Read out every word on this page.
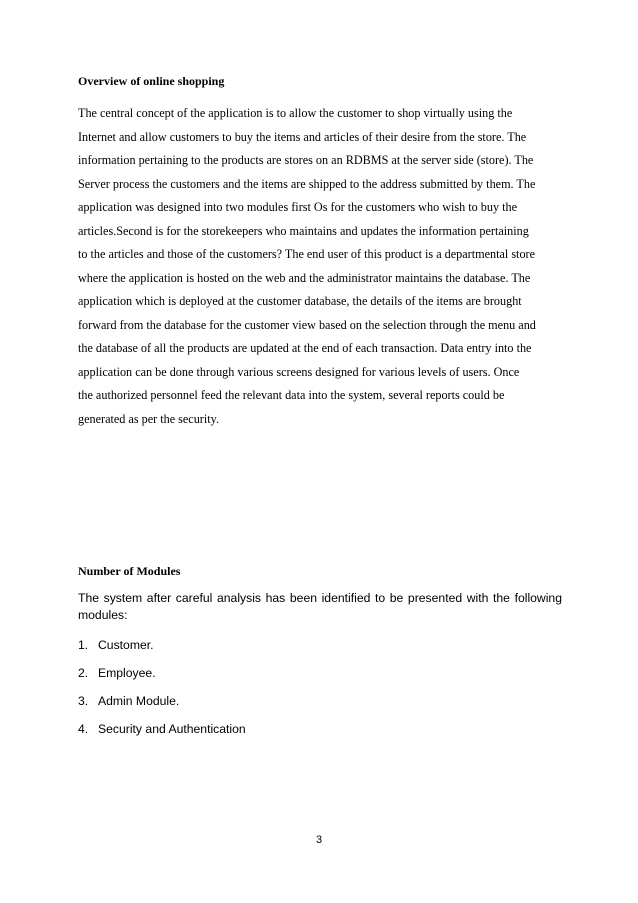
Overview of online shopping
The central concept of the application is to allow the customer to shop virtually using the
Internet and allow customers to buy the items and articles of their desire from the store. The
information pertaining to the products are stores on an RDBMS at the server side (store). The
Server process the customers and the items are shipped to the address submitted by them. The
application was designed into two modules first Os for the customers who wish to buy the
articles.Second is for the storekeepers who maintains and updates the information pertaining
to the articles and those of the customers? The end user of this product is a departmental store
where the application is hosted on the web and the administrator maintains the database. The
application which is deployed at the customer database, the details of the items are brought
forward from the database for the customer view based on the selection through the menu and
the database of all the products are updated at the end of each transaction. Data entry into the
application can be done through various screens designed for various levels of users. Once
the authorized personnel feed the relevant data into the system, several reports could be
generated as per the security.
Number of Modules

The system after careful analysis has been identified to be presented with the following modules:

1. Customer.
2. Employee.
3. Admin Module.
4. Security and Authentication
3
